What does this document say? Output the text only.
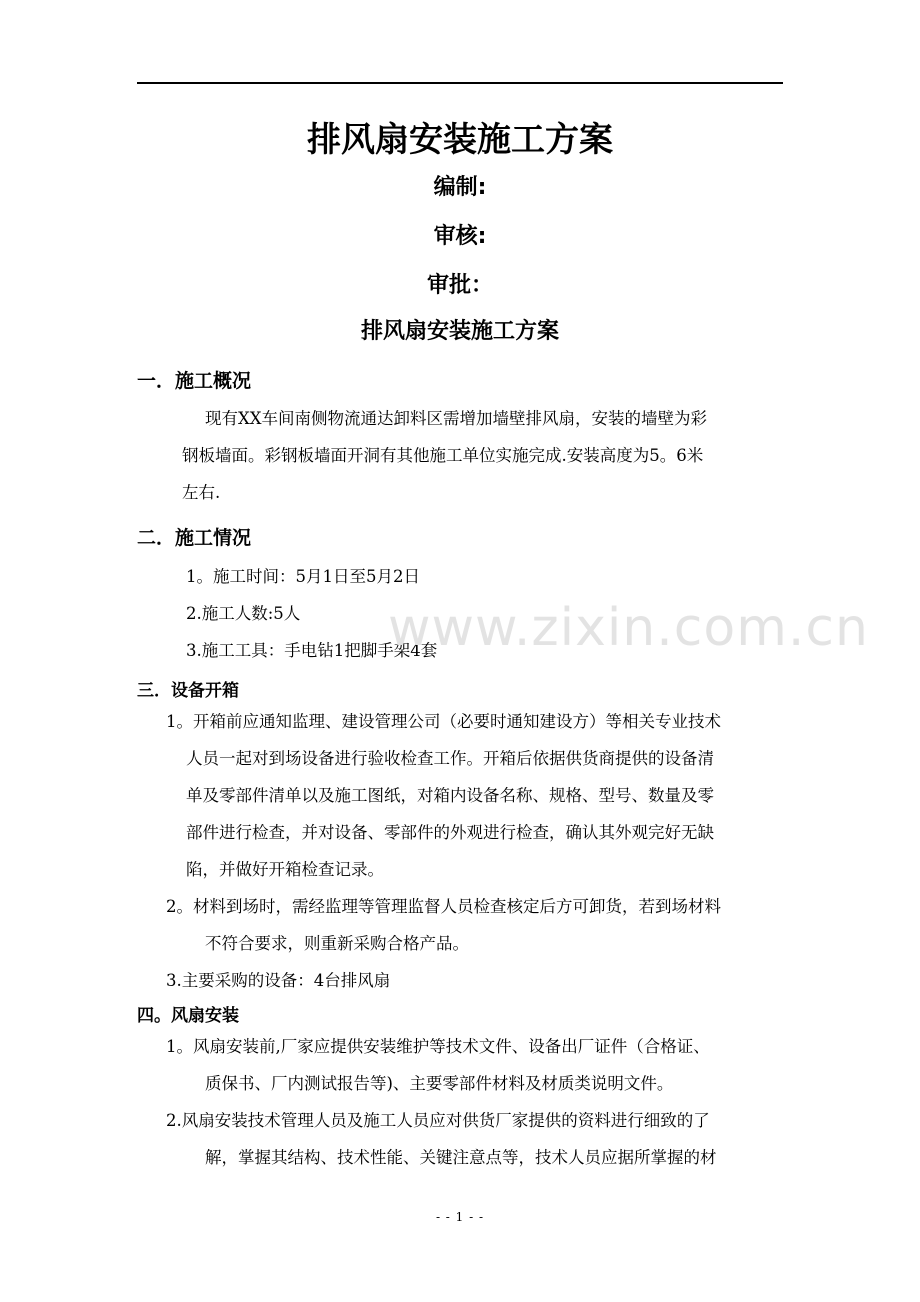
排风扇安装施工方案
编制:
审核:
审批：
排风扇安装施工方案
一．施工概况
现有XX车间南侧物流通达卸料区需增加墙壁排风扇，安装的墙壁为彩
钢板墙面。彩钢板墙面开洞有其他施工单位实施完成.安装高度为5。6米
左右.
二．施工情况
1。施工时间：5月1日至5月2日
2.施工人数:5人
3.施工工具：手电钻1把脚手架4套
三．设备开箱
1。开箱前应通知监理、建设管理公司（必要时通知建设方）等相关专业技术
人员一起对到场设备进行验收检查工作。开箱后依据供货商提供的设备清
单及零部件清单以及施工图纸，对箱内设备名称、规格、型号、数量及零
部件进行检查，并对设备、零部件的外观进行检查，确认其外观完好无缺
陷，并做好开箱检查记录。
2。材料到场时，需经监理等管理监督人员检查核定后方可卸货，若到场材料
不符合要求，则重新采购合格产品。
3.主要采购的设备：4台排风扇
四。风扇安装
1。风扇安装前,厂家应提供安装维护等技术文件、设备出厂证件（合格证、
质保书、厂内测试报告等)、主要零部件材料及材质类说明文件。
2.风扇安装技术管理人员及施工人员应对供货厂家提供的资料进行细致的了
解，掌握其结构、技术性能、关键注意点等，技术人员应据所掌握的材
- - 1 - -
www.zixin.com.cn
